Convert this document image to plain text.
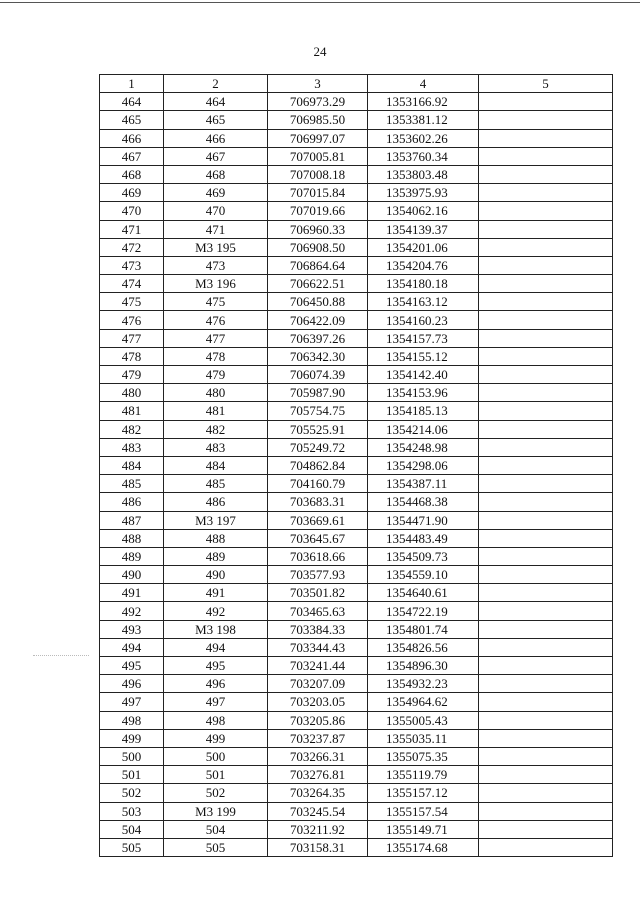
24
1	2	3	4	5
464	464	706973.29	1353166.92	
465	465	706985.50	1353381.12	
466	466	706997.07	1353602.26	
467	467	707005.81	1353760.34	
468	468	707008.18	1353803.48	
469	469	707015.84	1353975.93	
470	470	707019.66	1354062.16	
471	471	706960.33	1354139.37	
472	М3 195	706908.50	1354201.06	
473	473	706864.64	1354204.76	
474	М3 196	706622.51	1354180.18	
475	475	706450.88	1354163.12	
476	476	706422.09	1354160.23	
477	477	706397.26	1354157.73	
478	478	706342.30	1354155.12	
479	479	706074.39	1354142.40	
480	480	705987.90	1354153.96	
481	481	705754.75	1354185.13	
482	482	705525.91	1354214.06	
483	483	705249.72	1354248.98	
484	484	704862.84	1354298.06	
485	485	704160.79	1354387.11	
486	486	703683.31	1354468.38	
487	М3 197	703669.61	1354471.90	
488	488	703645.67	1354483.49	
489	489	703618.66	1354509.73	
490	490	703577.93	1354559.10	
491	491	703501.82	1354640.61	
492	492	703465.63	1354722.19	
493	М3 198	703384.33	1354801.74	
494	494	703344.43	1354826.56	
495	495	703241.44	1354896.30	
496	496	703207.09	1354932.23	
497	497	703203.05	1354964.62	
498	498	703205.86	1355005.43	
499	499	703237.87	1355035.11	
500	500	703266.31	1355075.35	
501	501	703276.81	1355119.79	
502	502	703264.35	1355157.12	
503	М3 199	703245.54	1355157.54	
504	504	703211.92	1355149.71	
505	505	703158.31	1355174.68	
